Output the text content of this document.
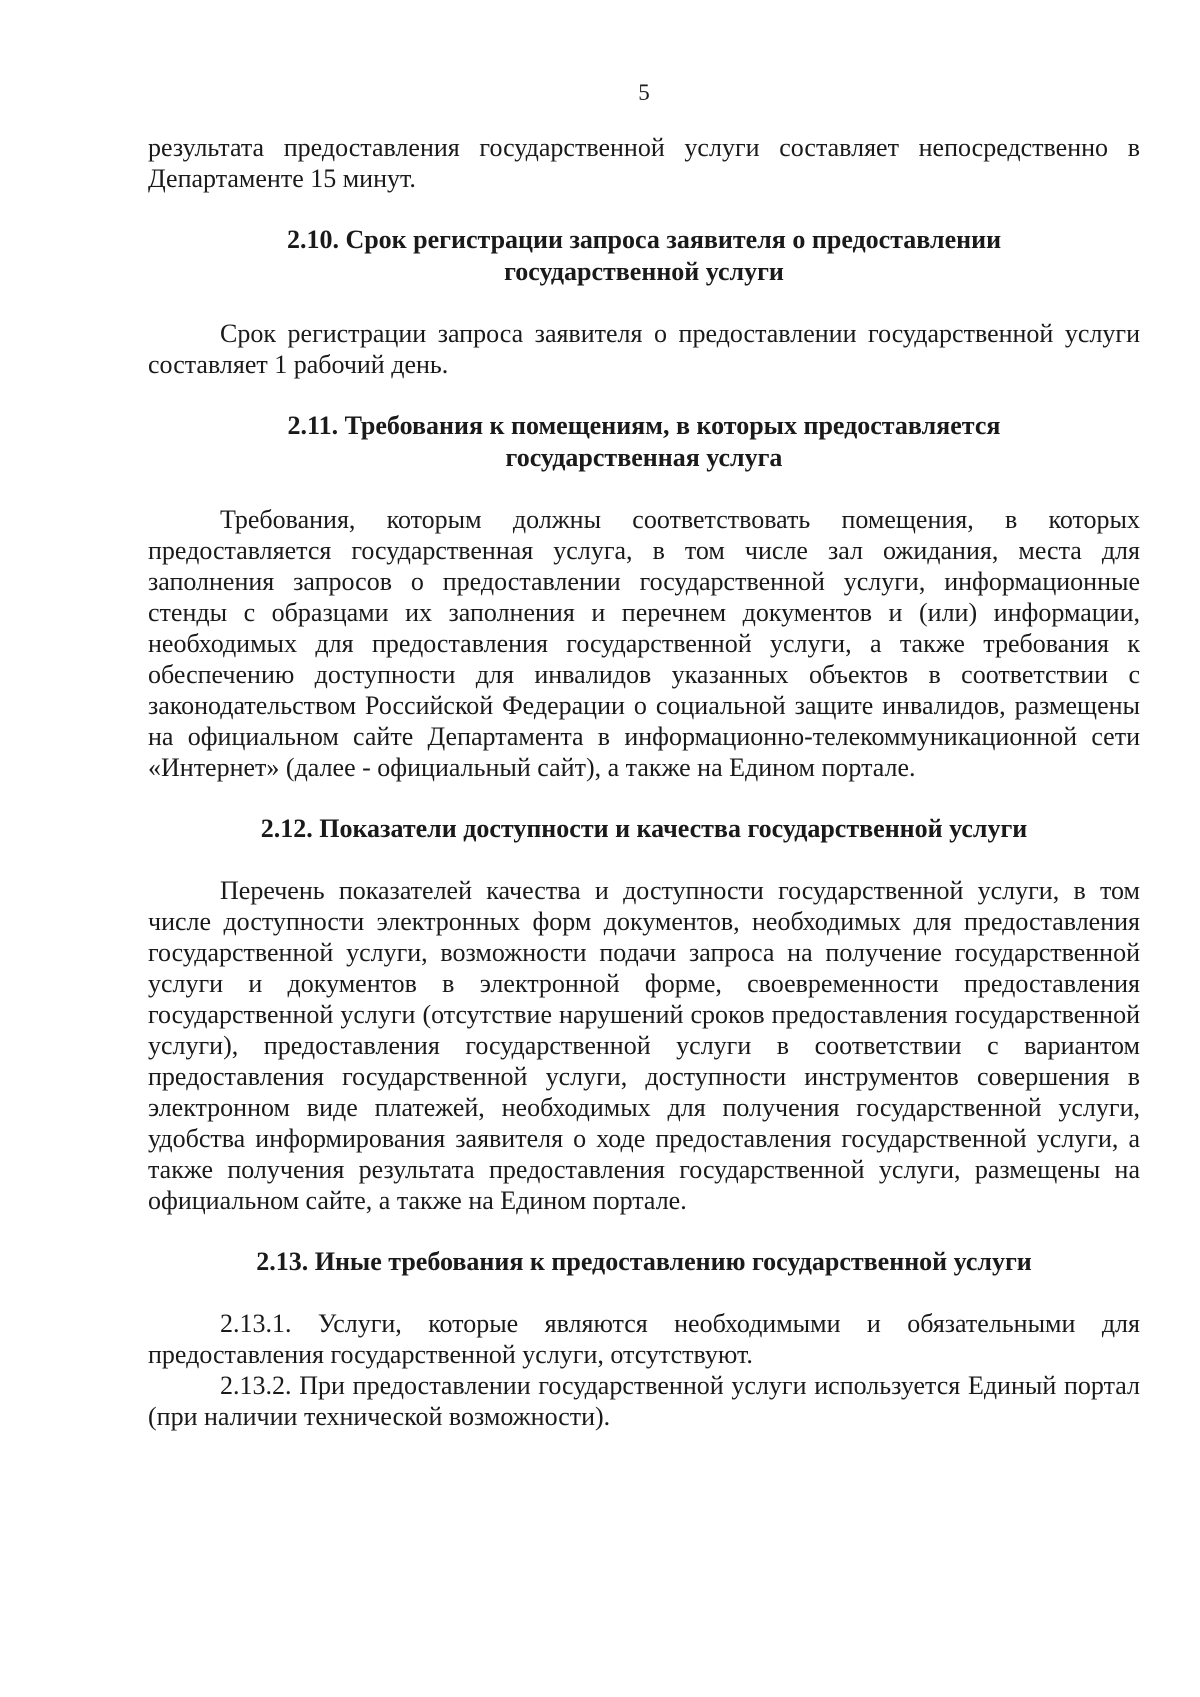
5

результата предоставления государственной услуги составляет непосредственно в Департаменте 15 минут.

2.10. Срок регистрации запроса заявителя о предоставлении государственной услуги

Срок регистрации запроса заявителя о предоставлении государственной услуги составляет 1 рабочий день.

2.11. Требования к помещениям, в которых предоставляется государственная услуга

Требования, которым должны соответствовать помещения, в которых предоставляется государственная услуга, в том числе зал ожидания, места для заполнения запросов о предоставлении государственной услуги, информационные стенды с образцами их заполнения и перечнем документов и (или) информации, необходимых для предоставления государственной услуги, а также требования к обеспечению доступности для инвалидов указанных объектов в соответствии с законодательством Российской Федерации о социальной защите инвалидов, размещены на официальном сайте Департамента в информационно-телекоммуникационной сети «Интернет» (далее - официальный сайт), а также на Едином портале.

2.12. Показатели доступности и качества государственной услуги

Перечень показателей качества и доступности государственной услуги, в том числе доступности электронных форм документов, необходимых для предоставления государственной услуги, возможности подачи запроса на получение государственной услуги и документов в электронной форме, своевременности предоставления государственной услуги (отсутствие нарушений сроков предоставления государственной услуги), предоставления государственной услуги в соответствии с вариантом предоставления государственной услуги, доступности инструментов совершения в электронном виде платежей, необходимых для получения государственной услуги, удобства информирования заявителя о ходе предоставления государственной услуги, а также получения результата предоставления государственной услуги, размещены на официальном сайте, а также на Едином портале.

2.13. Иные требования к предоставлению государственной услуги

2.13.1. Услуги, которые являются необходимыми и обязательными для предоставления государственной услуги, отсутствуют.

2.13.2. При предоставлении государственной услуги используется Единый портал (при наличии технической возможности).
